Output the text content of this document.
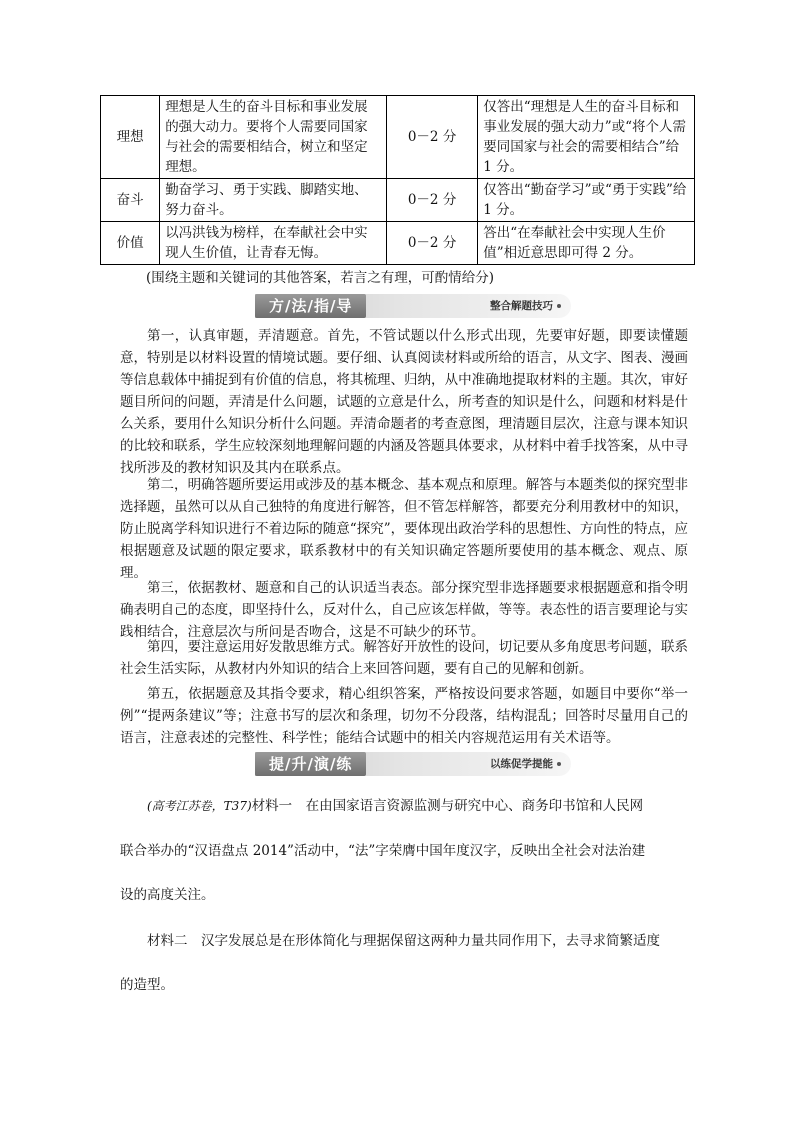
理想	理想是人生的奋斗目标和事业发展的强大动力。要将个人需要同国家与社会的需要相结合，树立和坚定理想。	0－2 分	仅答出“理想是人生的奋斗目标和事业发展的强大动力”或“将个人需要同国家与社会的需要相结合”给 1 分。
奋斗	勤奋学习、勇于实践、脚踏实地、努力奋斗。	0－2 分	仅答出“勤奋学习”或“勇于实践”给 1 分。
价值	以冯洪钱为榜样，在奉献社会中实现人生价值，让青春无悔。	0－2 分	答出“在奉献社会中实现人生价值”相近意思即可得 2 分。
(围绕主题和关键词的其他答案，若言之有理，可酌情给分)
方/法/指/导	整合解题技巧

第一，认真审题，弄清题意。首先，不管试题以什么形式出现，先要审好题，即要读懂题意，特别是以材料设置的情境试题。要仔细、认真阅读材料或所给的语言，从文字、图表、漫画等信息载体中捕捉到有价值的信息，将其梳理、归纳，从中准确地提取材料的主题。其次，审好题目所问的问题，弄清是什么问题，试题的立意是什么，所考查的知识是什么，问题和材料是什么关系，要用什么知识分析什么问题。弄清命题者的考查意图，理清题目层次，注意与课本知识的比较和联系，学生应较深刻地理解问题的内涵及答题具体要求，从材料中着手找答案，从中寻找所涉及的教材知识及其内在联系点。

第二，明确答题所要运用或涉及的基本概念、基本观点和原理。解答与本题类似的探究型非选择题，虽然可以从自己独特的角度进行解答，但不管怎样解答，都要充分利用教材中的知识，防止脱离学科知识进行不着边际的随意“探究”，要体现出政治学科的思想性、方向性的特点，应根据题意及试题的限定要求，联系教材中的有关知识确定答题所要使用的基本概念、观点、原理。

第三，依据教材、题意和自己的认识适当表态。部分探究型非选择题要求根据题意和指令明确表明自己的态度，即坚持什么，反对什么，自己应该怎样做，等等。表态性的语言要理论与实践相结合，注意层次与所问是否吻合，这是不可缺少的环节。

第四，要注意运用好发散思维方式。解答好开放性的设问，切记要从多角度思考问题，联系社会生活实际，从教材内外知识的结合上来回答问题，要有自己的见解和创新。

第五，依据题意及其指令要求，精心组织答案，严格按设问要求答题，如题目中要你“举一例”“提两条建议”等；注意书写的层次和条理，切勿不分段落，结构混乱；回答时尽量用自己的语言，注意表述的完整性、科学性；能结合试题中的相关内容规范运用有关术语等。

提/升/演/练	以练促学提能

(高考江苏卷，T37)材料一　在由国家语言资源监测与研究中心、商务印书馆和人民网

联合举办的“汉语盘点 2014”活动中，“法”字荣膺中国年度汉字，反映出全社会对法治建

设的高度关注。

材料二　汉字发展总是在形体简化与理据保留这两种力量共同作用下，去寻求简繁适度

的造型。
